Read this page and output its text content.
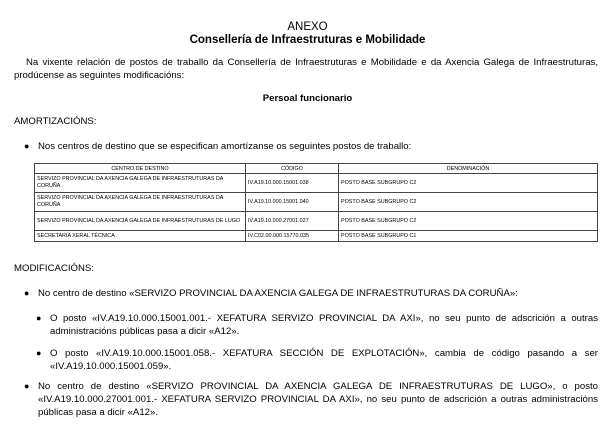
ANEXO
Consellería de Infraestruturas e Mobilidade
Na vixente relación de postos de traballo da Consellería de Infraestruturas e Mobilidade e da Axencia Galega de Infraestruturas, prodúcense as seguintes modificacións:
Persoal funcionario
AMORTIZACIÓNS:
● Nos centros de destino que se especifican amortízanse os seguintes postos de traballo:
CENTRO DE DESTINO	CÓDIGO	DENOMINACIÓN
SERVIZO PROVINCIAL DA AXENCIA GALEGA DE INFRAESTRUTURAS DA CORUÑA	IV.A19.10.000.15001.038	POSTO BASE SUBGRUPO C2
SERVIZO PROVINCIAL DA AXENCIA GALEGA DE INFRAESTRUTURAS DA CORUÑA	IV.A19.10.000.15001.040	POSTO BASE SUBGRUPO C2
SERVIZO PROVINCIAL DA AXENCIA GALEGA DE INFRAESTRUTURAS DE LUGO	IV.A19.10.000.27001.027	POSTO BASE SUBGRUPO C2
SECRETARÍA XERAL TÉCNICA	IV.C02.00.000.15770.035	POSTO BASE SUBGRUPO C1
MODIFICACIÓNS:
● No centro de destino «SERVIZO PROVINCIAL DA AXENCIA GALEGA DE INFRAESTRUTURAS DA CORUÑA»:
● O posto «IV.A19.10.000.15001.001.- XEFATURA SERVIZO PROVINCIAL DA AXI», no seu punto de adscrición a outras administracións públicas pasa a dicir «A12».
● O posto «IV.A19.10.000.15001.058.- XEFATURA SECCIÓN DE EXPLOTACIÓN», cambia de código pasando a ser «IV.A19.10.000.15001.059».
● No centro de destino «SERVIZO PROVINCIAL DA AXENCIA GALEGA DE INFRAESTRUTURAS DE LUGO», o posto «IV.A19.10.000.27001.001.- XEFATURA SERVIZO PROVINCIAL DA AXI», no seu punto de adscrición a outras administracións públicas pasa a dicir «A12».
